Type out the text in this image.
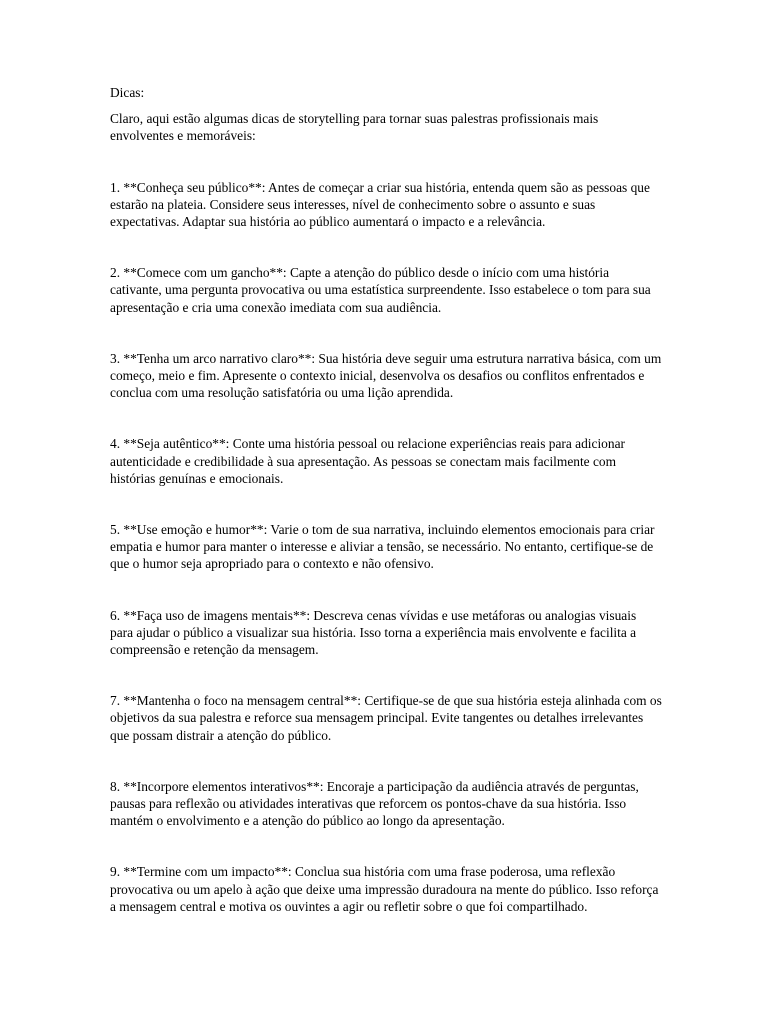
Dicas:

Claro, aqui estão algumas dicas de storytelling para tornar suas palestras profissionais mais envolventes e memoráveis:

1. **Conheça seu público**: Antes de começar a criar sua história, entenda quem são as pessoas que estarão na plateia. Considere seus interesses, nível de conhecimento sobre o assunto e suas expectativas. Adaptar sua história ao público aumentará o impacto e a relevância.

2. **Comece com um gancho**: Capte a atenção do público desde o início com uma história cativante, uma pergunta provocativa ou uma estatística surpreendente. Isso estabelece o tom para sua apresentação e cria uma conexão imediata com sua audiência.

3. **Tenha um arco narrativo claro**: Sua história deve seguir uma estrutura narrativa básica, com um começo, meio e fim. Apresente o contexto inicial, desenvolva os desafios ou conflitos enfrentados e conclua com uma resolução satisfatória ou uma lição aprendida.

4. **Seja autêntico**: Conte uma história pessoal ou relacione experiências reais para adicionar autenticidade e credibilidade à sua apresentação. As pessoas se conectam mais facilmente com histórias genuínas e emocionais.

5. **Use emoção e humor**: Varie o tom de sua narrativa, incluindo elementos emocionais para criar empatia e humor para manter o interesse e aliviar a tensão, se necessário. No entanto, certifique-se de que o humor seja apropriado para o contexto e não ofensivo.

6. **Faça uso de imagens mentais**: Descreva cenas vívidas e use metáforas ou analogias visuais para ajudar o público a visualizar sua história. Isso torna a experiência mais envolvente e facilita a compreensão e retenção da mensagem.

7. **Mantenha o foco na mensagem central**: Certifique-se de que sua história esteja alinhada com os objetivos da sua palestra e reforce sua mensagem principal. Evite tangentes ou detalhes irrelevantes que possam distrair a atenção do público.

8. **Incorpore elementos interativos**: Encoraje a participação da audiência através de perguntas, pausas para reflexão ou atividades interativas que reforcem os pontos-chave da sua história. Isso mantém o envolvimento e a atenção do público ao longo da apresentação.

9. **Termine com um impacto**: Conclua sua história com uma frase poderosa, uma reflexão provocativa ou um apelo à ação que deixe uma impressão duradoura na mente do público. Isso reforça a mensagem central e motiva os ouvintes a agir ou refletir sobre o que foi compartilhado.
